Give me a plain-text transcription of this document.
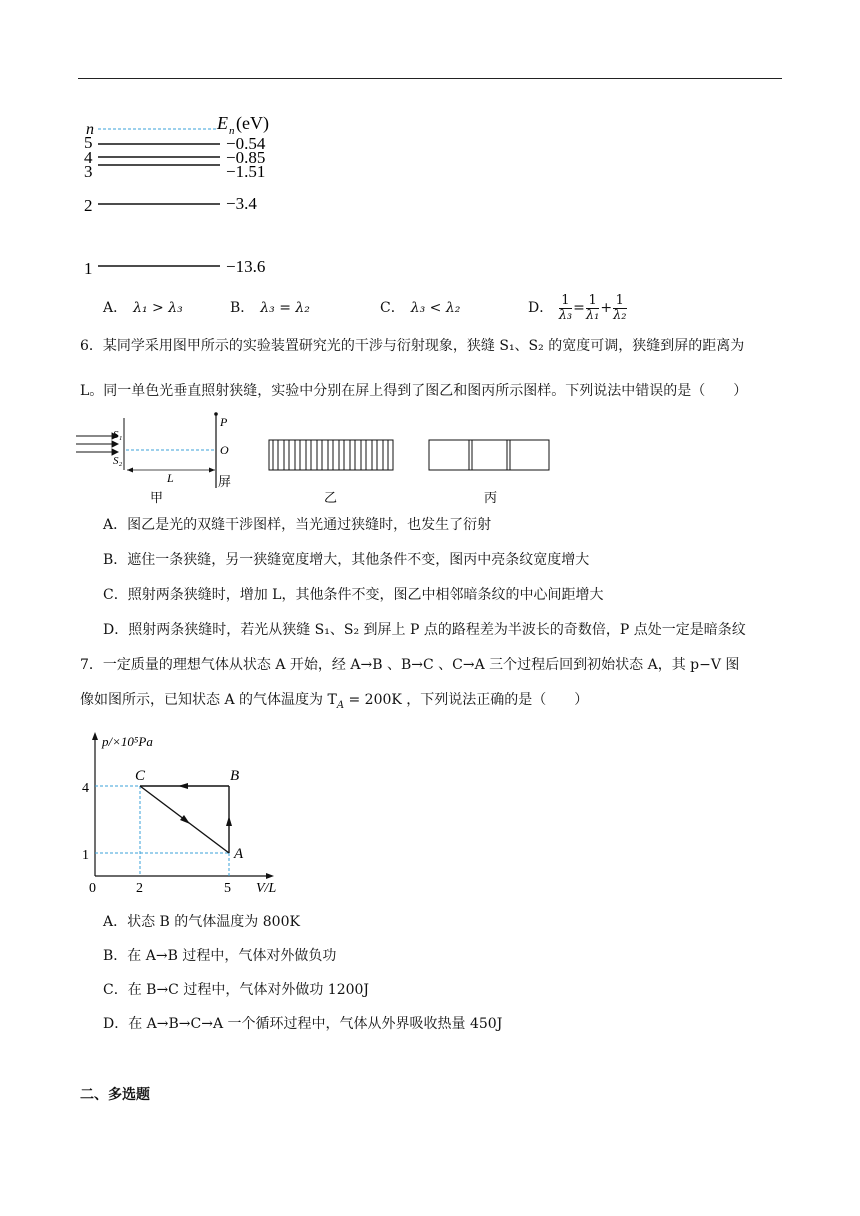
n	E n (eV)
5	−0.54
4	−0.85
3	−1.51
2	−3.4
1	−13.6
A． λ₁ > λ₃	B． λ₃ = λ₂	C． λ₃ < λ₂	D． $\frac{1}{\text{λ₃}} = \frac{1}{\text{λ₁}} + \frac{1}{\text{λ₂}}$
6．某同学采用图甲所示的实验装置研究光的干涉与衍射现象，狭缝 S₁、S₂ 的宽度可调，狭缝到屏的距离为
L。同一单色光垂直照射狭缝，实验中分别在屏上得到了图乙和图丙所示图样。下列说法中错误的是（　　）
S₁
S₂
P
O
L	屏
甲	乙	丙
A．图乙是光的双缝干涉图样，当光通过狭缝时，也发生了衍射
B．遮住一条狭缝，另一狭缝宽度增大，其他条件不变，图丙中亮条纹宽度增大
C．照射两条狭缝时，增加 L，其他条件不变，图乙中相邻暗条纹的中心间距增大
D．照射两条狭缝时，若光从狭缝 S₁、S₂ 到屏上 P 点的路程差为半波长的奇数倍，P 点处一定是暗条纹
7．一定质量的理想气体从状态 A 开始，经 A→B 、B→C 、C→A 三个过程后回到初始状态 A，其 p−V 图
像如图所示，已知状态 A 的气体温度为 $T_A = 200K$ ，下列说法正确的是（　　）
p/×10⁵Pa
V/L
0
4
1
2	5
A
B
C
A．状态 B 的气体温度为 800K
B．在 A→B 过程中，气体对外做负功
C．在 B→C 过程中，气体对外做功 1200J
D．在 A→B→C→A 一个循环过程中，气体从外界吸收热量 450J
二、多选题
